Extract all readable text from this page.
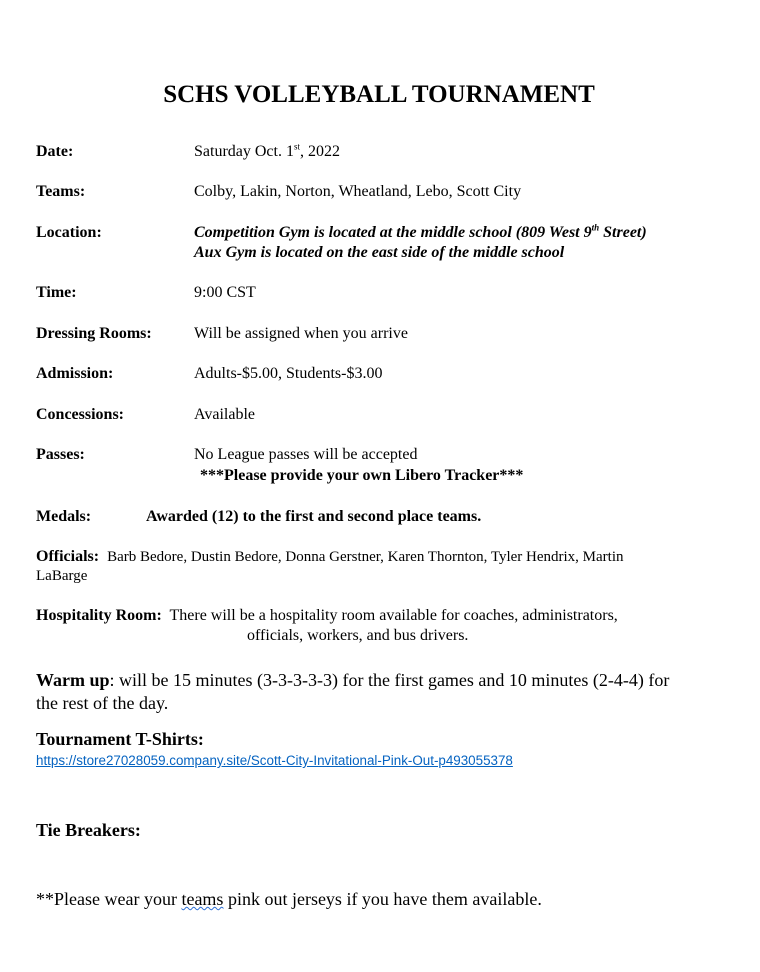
SCHS VOLLEYBALL TOURNAMENT
Date:	Saturday Oct. 1st, 2022
Teams:	Colby, Lakin, Norton, Wheatland, Lebo, Scott City
Location:	Competition Gym is located at the middle school (809 West 9th Street)
Aux Gym is located on the east side of the middle school
Time:	9:00 CST
Dressing Rooms:	Will be assigned when you arrive
Admission:	Adults-$5.00, Students-$3.00
Concessions:	Available
Passes:	No League passes will be accepted
***Please provide your own Libero Tracker***
Medals:	Awarded (12) to the first and second place teams.
Officials: Barb Bedore, Dustin Bedore, Donna Gerstner, Karen Thornton, Tyler Hendrix, Martin
LaBarge
Hospitality Room: There will be a hospitality room available for coaches, administrators,
officials, workers, and bus drivers.
Warm up: will be 15 minutes (3-3-3-3-3) for the first games and 10 minutes (2-4-4) for
the rest of the day.
Tournament T-Shirts:
https://store27028059.company.site/Scott-City-Invitational-Pink-Out-p493055378
Tie Breakers:
**Please wear your teams pink out jerseys if you have them available.
